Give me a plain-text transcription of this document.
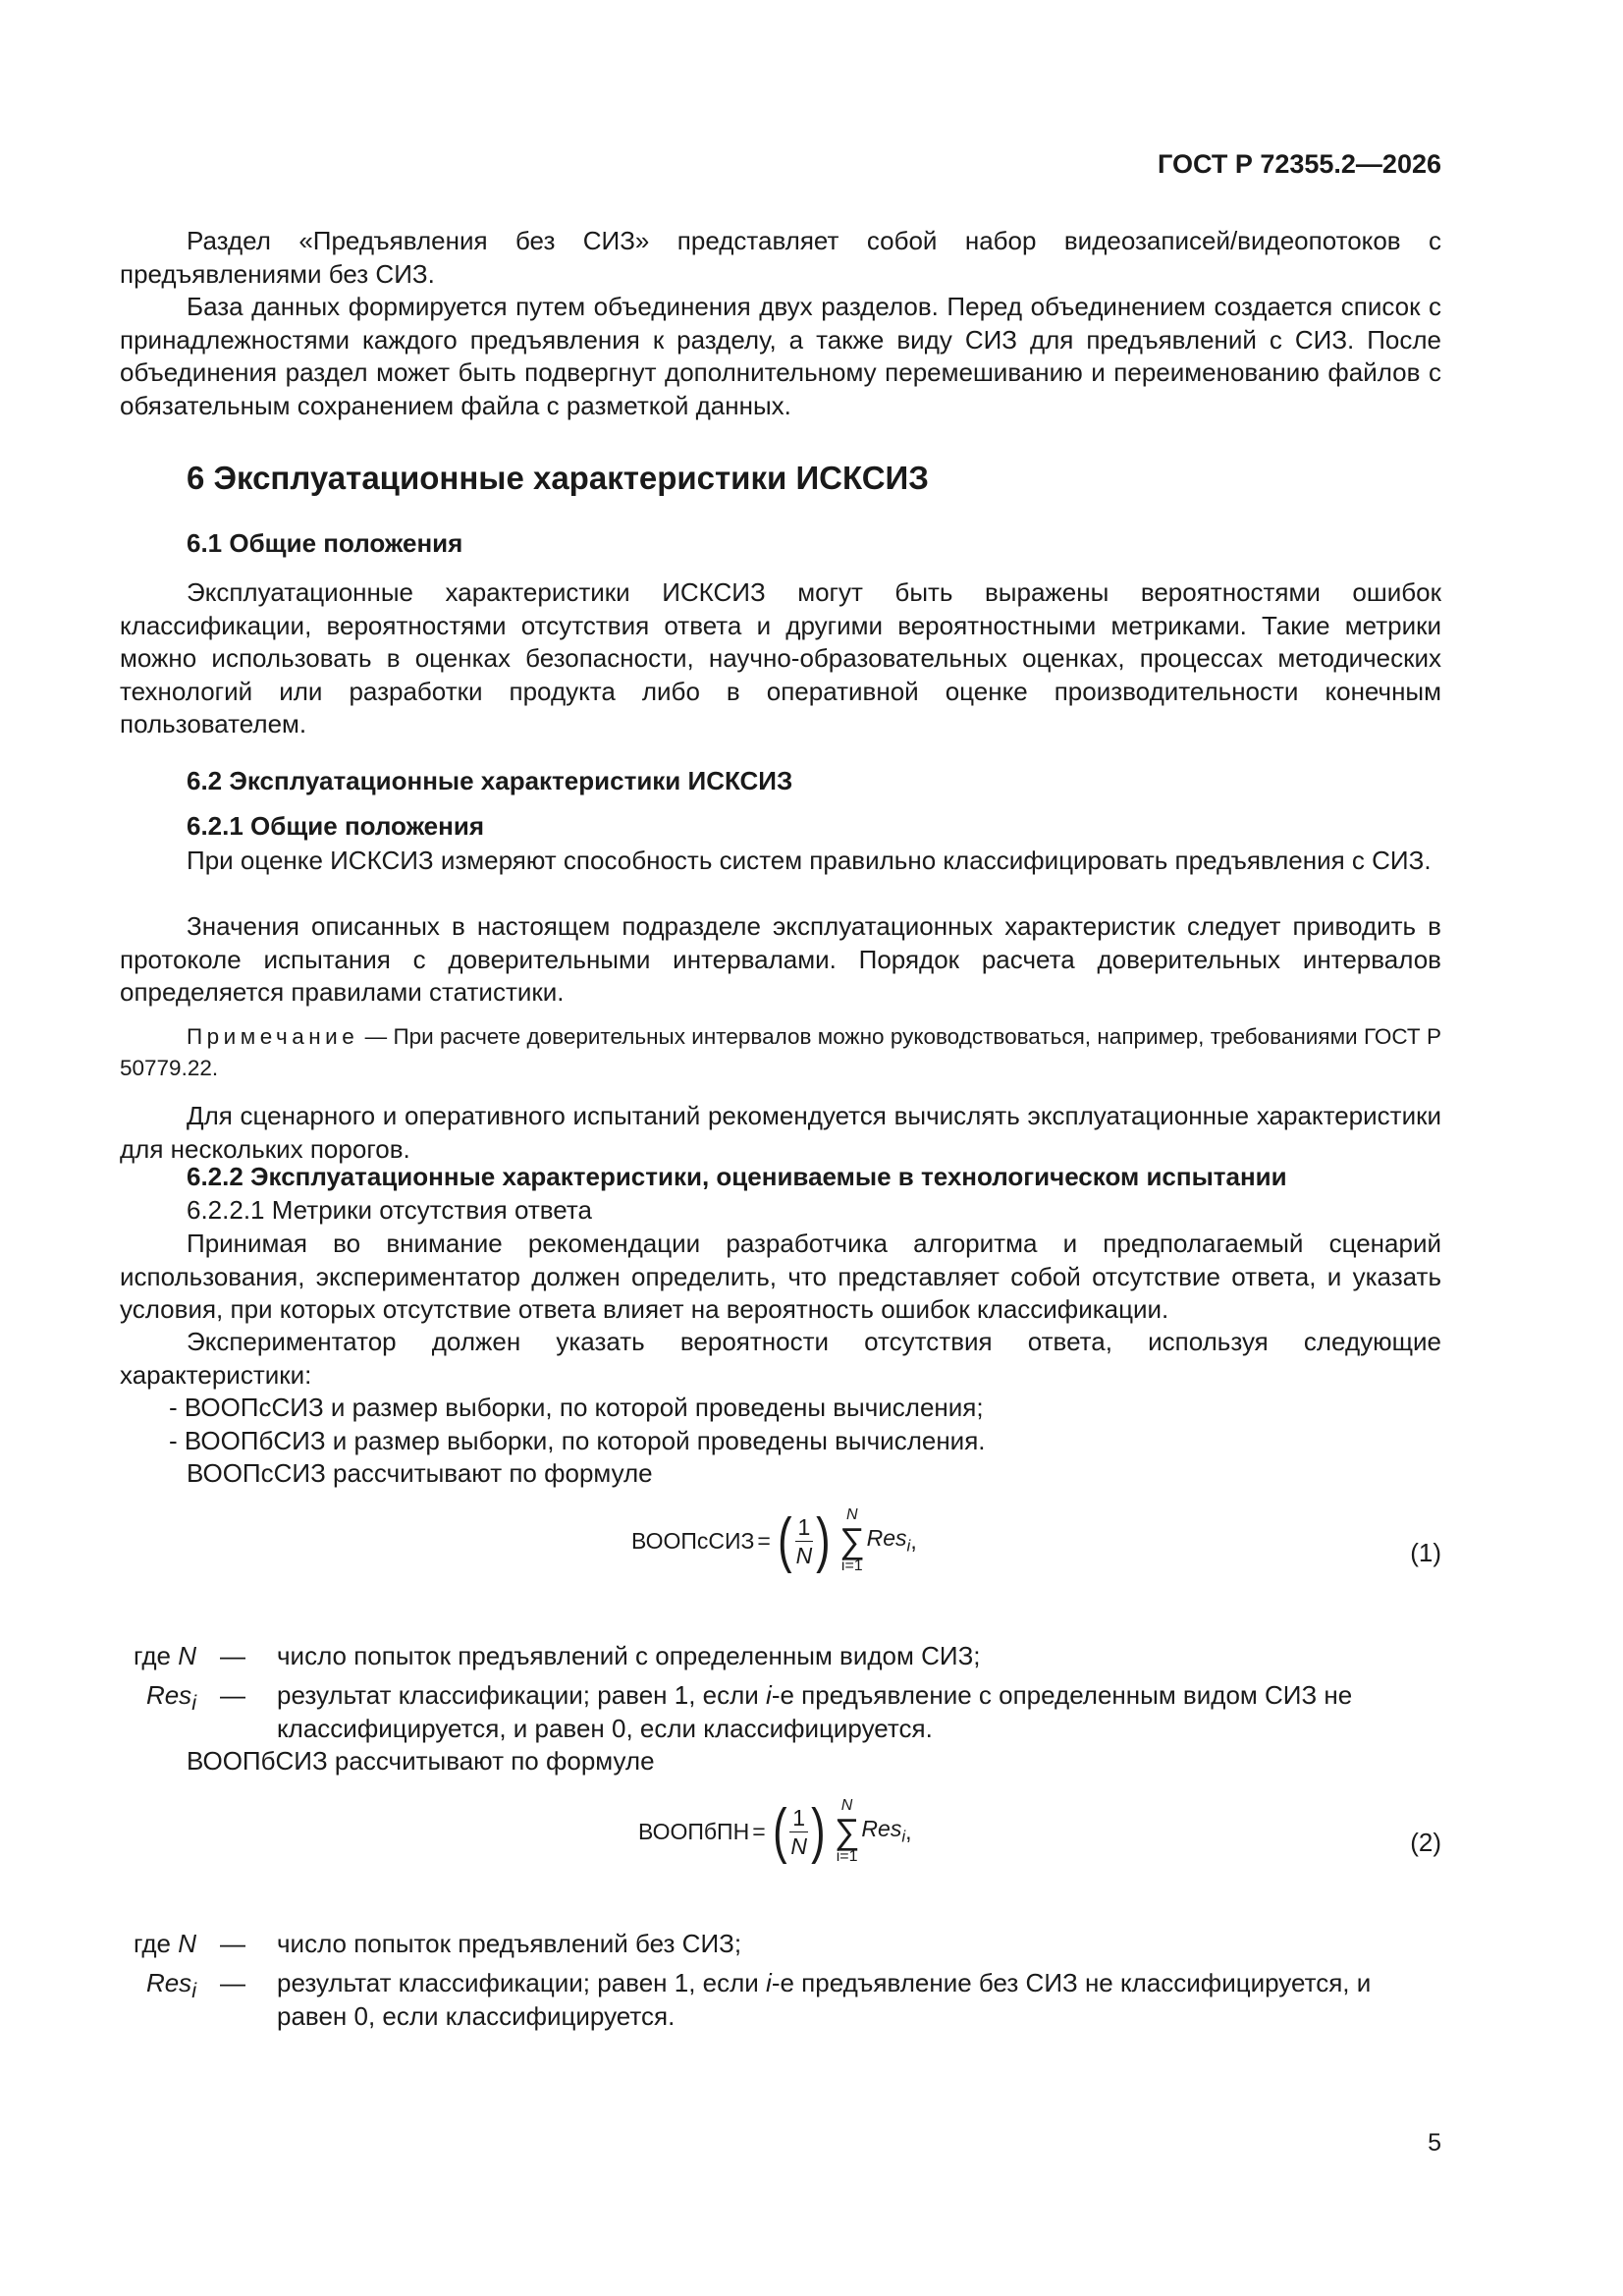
ГОСТ Р 72355.2—2026

Раздел «Предъявления без СИЗ» представляет собой набор видеозаписей/видеопотоков с предъявлениями без СИЗ.

База данных формируется путем объединения двух разделов. Перед объединением создается список с принадлежностями каждого предъявления к разделу, а также виду СИЗ для предъявлений с СИЗ. После объединения раздел может быть подвергнут дополнительному перемешиванию и переименованию файлов с обязательным сохранением файла с разметкой данных.

6 Эксплуатационные характеристики ИСКСИЗ
6.1 Общие положения

Эксплуатационные характеристики ИСКСИЗ могут быть выражены вероятностями ошибок классификации, вероятностями отсутствия ответа и другими вероятностными метриками. Такие метрики можно использовать в оценках безопасности, научно-образовательных оценках, процессах методических технологий или разработки продукта либо в оперативной оценке производительности конечным пользователем.

6.2 Эксплуатационные характеристики ИСКСИЗ
6.2.1 Общие положения

При оценке ИСКСИЗ измеряют способность систем правильно классифицировать предъявления с СИЗ.

Значения описанных в настоящем подразделе эксплуатационных характеристик следует приводить в протоколе испытания с доверительными интервалами. Порядок расчета доверительных интервалов определяется правилами статистики.

Примечание — При расчете доверительных интервалов можно руководствоваться, например, требованиями ГОСТ Р 50779.22.

Для сценарного и оперативного испытаний рекомендуется вычислять эксплуатационные характеристики для нескольких порогов.

6.2.2 Эксплуатационные характеристики, оцениваемые в технологическом испытании
6.2.2.1 Метрики отсутствия ответа

Принимая во внимание рекомендации разработчика алгоритма и предполагаемый сценарий использования, экспериментатор должен определить, что представляет собой отсутствие ответа, и указать условия, при которых отсутствие ответа влияет на вероятность ошибок классификации.

Экспериментатор должен указать вероятности отсутствия ответа, используя следующие характеристики:

- ВООПсСИЗ и размер выборки, по которой проведены вычисления;
- ВООПбСИЗ и размер выборки, по которой проведены вычисления.
ВООПсСИЗ рассчитывают по формуле
ВООПсСИЗ = ( $\frac{1}{N}$ ) N
∑
i=1
Res$_i$ ,	(1)
где N — число попыток предъявлений с определенным видом СИЗ;
Res$_i$ — результат классификации; равен 1, если i-е предъявление с определенным видом СИЗ не классифицируется, и равен 0, если классифицируется.
ВООПбСИЗ рассчитывают по формуле
ВООПбПН = ( $\frac{1}{N}$ ) N
∑
i=1
Res$_i$ ,	(2)
где N — число попыток предъявлений без СИЗ;
Res$_i$ — результат классификации; равен 1, если i-е предъявление без СИЗ не классифицируется, и равен 0, если классифицируется.
5
